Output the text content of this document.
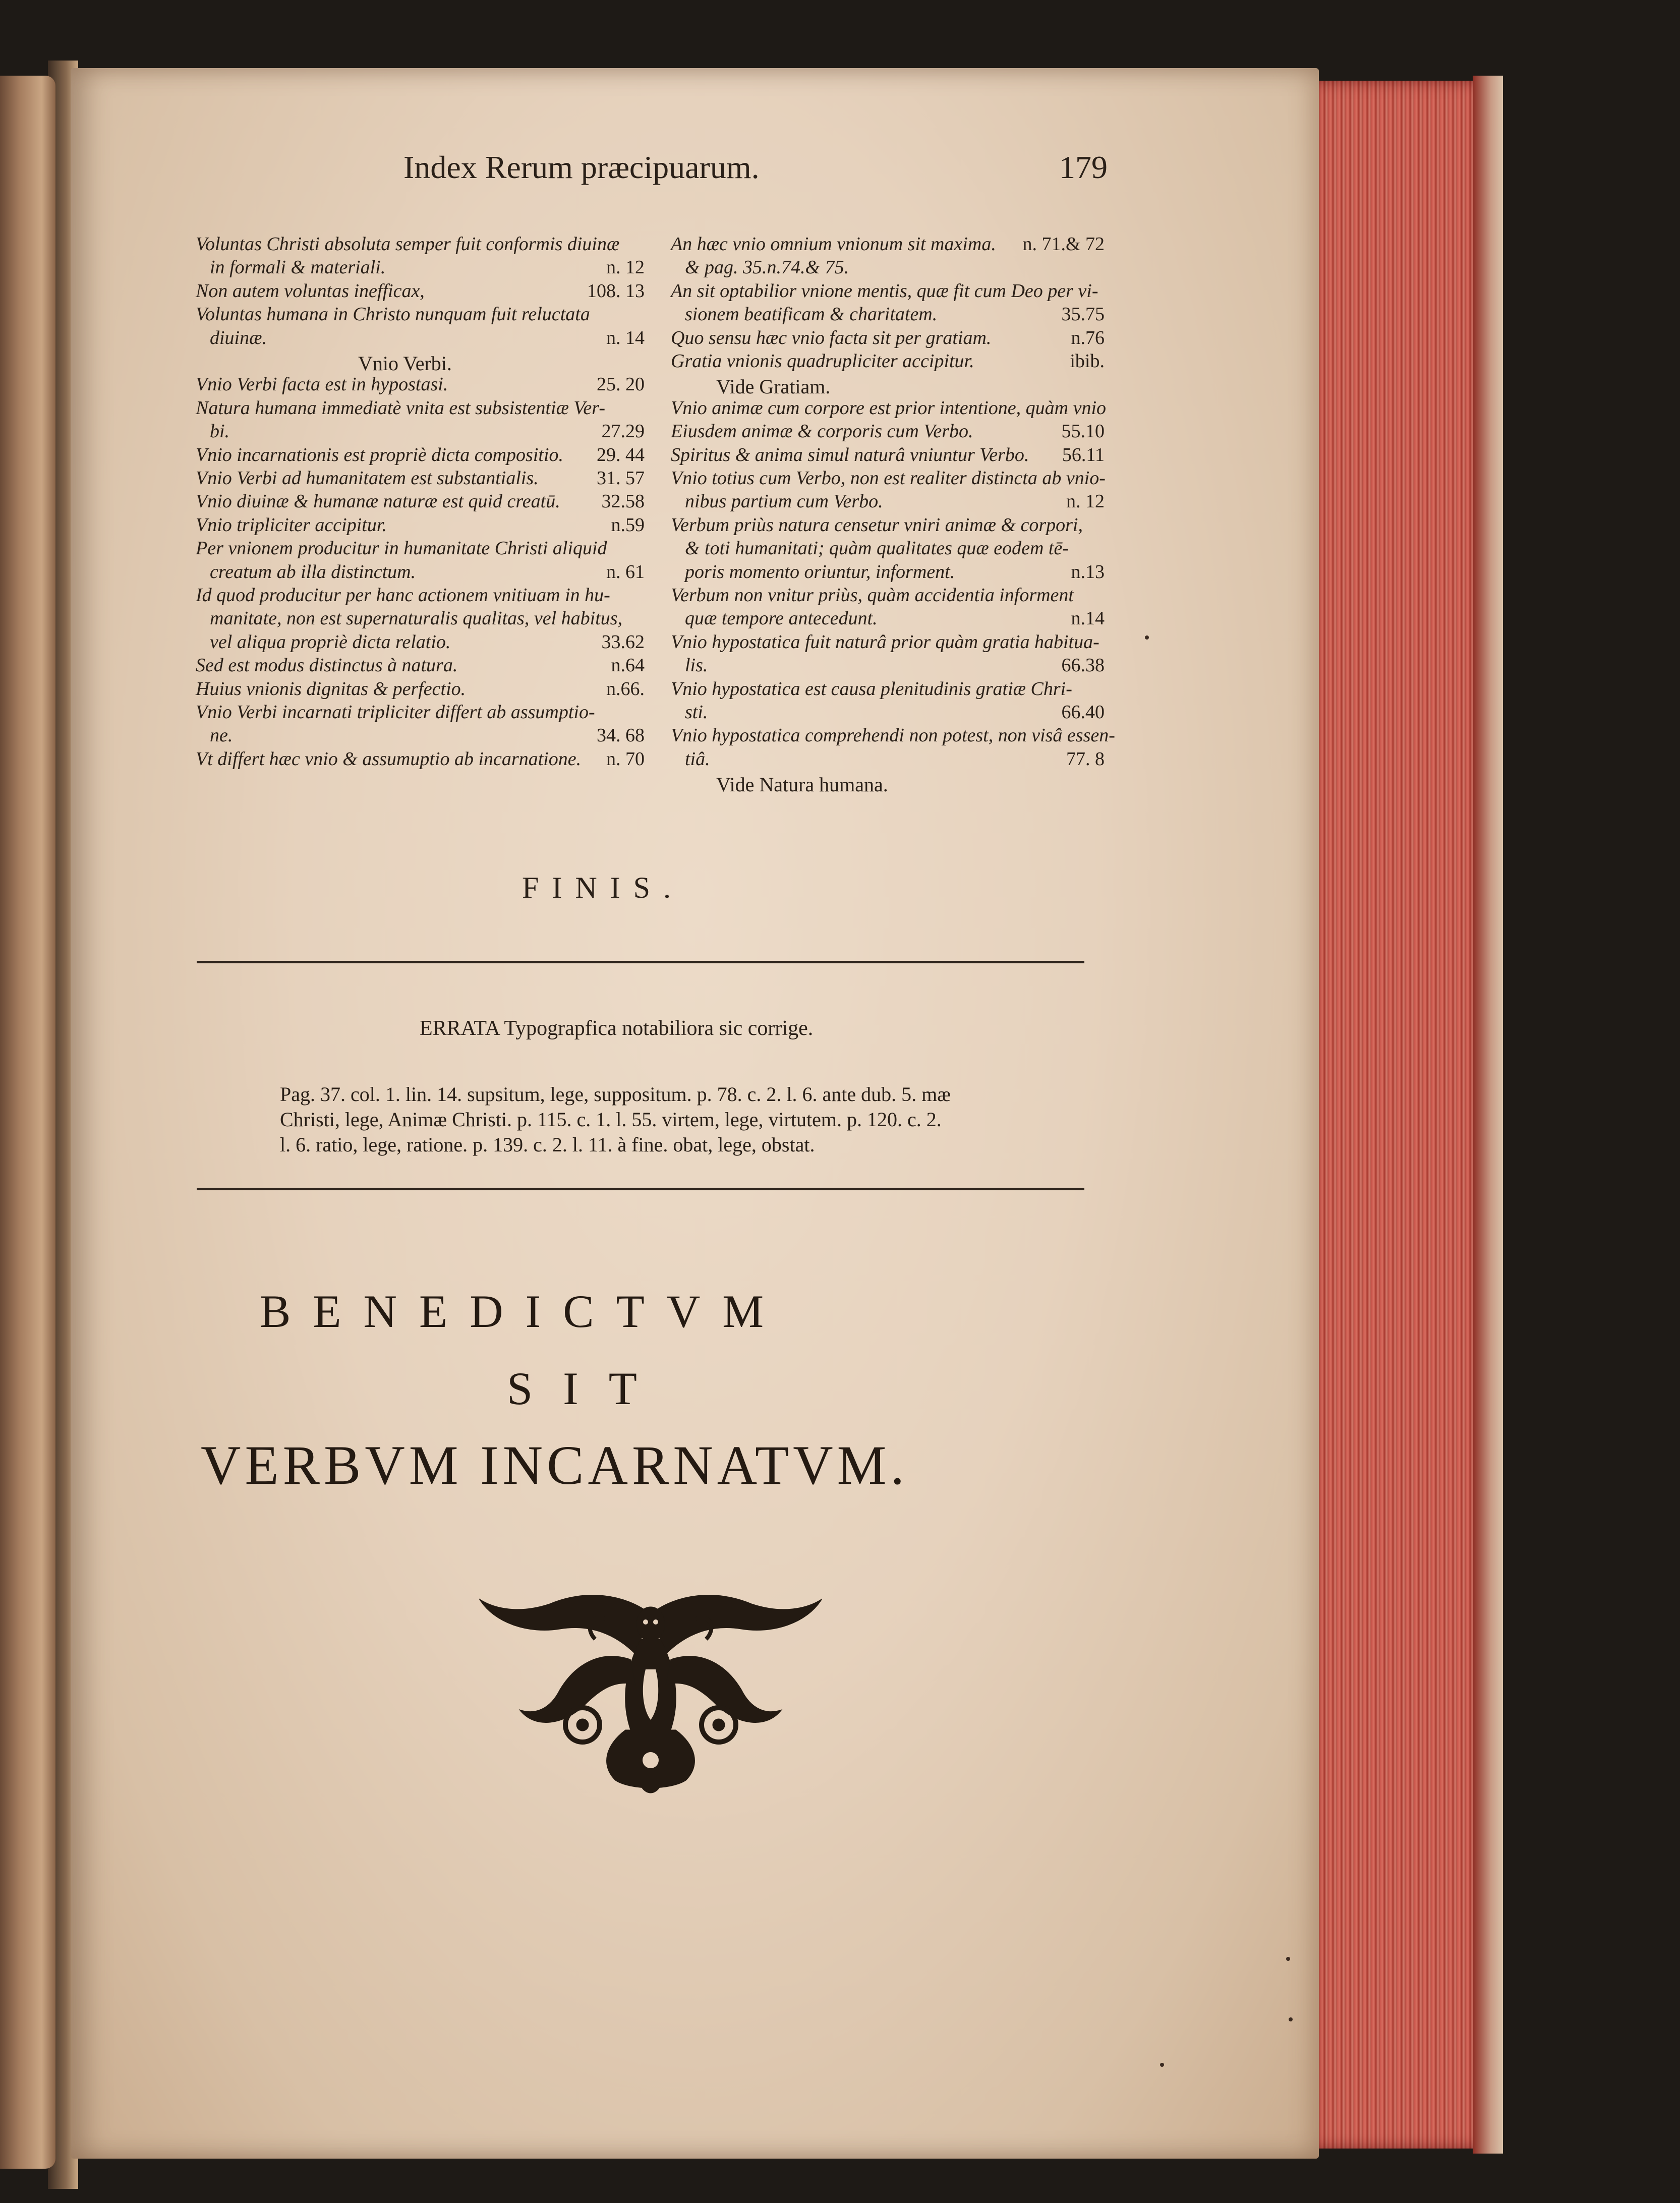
Index Rerum præcipuarum.	179

Voluntas Christi absoluta semper fuit conformis diuinæ
in formali & materiali.	n. 12
Non autem voluntas inefficax,	108. 13
Voluntas humana in Christo nunquam fuit reluctata
diuinæ.	n. 14
Vnio Verbi.
Vnio Verbi facta est in hypostasi.	25. 20
Natura humana immediatè vnita est subsistentiæ Ver-
bi.	27.29
Vnio incarnationis est propriè dicta compositio. 29. 44
Vnio Verbi ad humanitatem est substantialis.	31. 57
Vnio diuinæ & humanæ naturæ est quid creatū. 32.58
Vnio tripliciter accipitur.	n.59
Per vnionem producitur in humanitate Christi aliquid
creatum ab illa distinctum.	n. 61
Id quod producitur per hanc actionem vnitiuam in hu-
manitate, non est supernaturalis qualitas, vel habitus,
vel aliqua propriè dicta relatio.	33.62
Sed est modus distinctus à natura.	n.64
Huius vnionis dignitas & perfectio.	n.66.
Vnio Verbi incarnati tripliciter differt ab assumptio-
ne.	34. 68
Vt differt hæc vnio & assumuptio ab incarnatione. n. 70
An hæc vnio omnium vnionum sit maxima. n. 71.& 72
& pag. 35.n.74.& 75.
An sit optabilior vnione mentis, quæ fit cum Deo per vi-
sionem beatificam & charitatem.	35.75
Quo sensu hæc vnio facta sit per gratiam.	n.76
Gratia vnionis quadrupliciter accipitur.	ibib.
Vide Gratiam.
Vnio animæ cum corpore est prior intentione, quàm vnio
Eiusdem animæ & corporis cum Verbo.	55.10
Spiritus & anima simul naturâ vniuntur Verbo. 56.11
Vnio totius cum Verbo, non est realiter distincta ab vnio-
nibus partium cum Verbo.	n. 12
Verbum priùs natura censetur vniri animæ & corpori,
& toti humanitati; quàm qualitates quæ eodem tē-
poris momento oriuntur, informent.	n.13
Verbum non vnitur priùs, quàm accidentia informent
quæ tempore antecedunt.	n.14
Vnio hypostatica fuit naturâ prior quàm gratia habitua-
lis.	66.38
Vnio hypostatica est causa plenitudinis gratiæ Chri-
sti.	66.40
Vnio hypostatica comprehendi non potest, non visâ essen-
tiâ.	77. 8
Vide Natura humana.

FINIS.

ERRATA Typograpfica notabiliora sic corrige.

Pag. 37. col. 1. lin. 14. supsitum, lege, suppositum. p. 78. c. 2. l. 6. ante dub. 5. mæ

Christi, lege, Animæ Christi. p. 115. c. 1. l. 55. virtem, lege, virtutem. p. 120. c. 2.

l. 6. ratio, lege, ratione. p. 139. c. 2. l. 11. à fine. obat, lege, obstat.

BENEDICTVM

SIT

VERBVM INCARNATVM.
